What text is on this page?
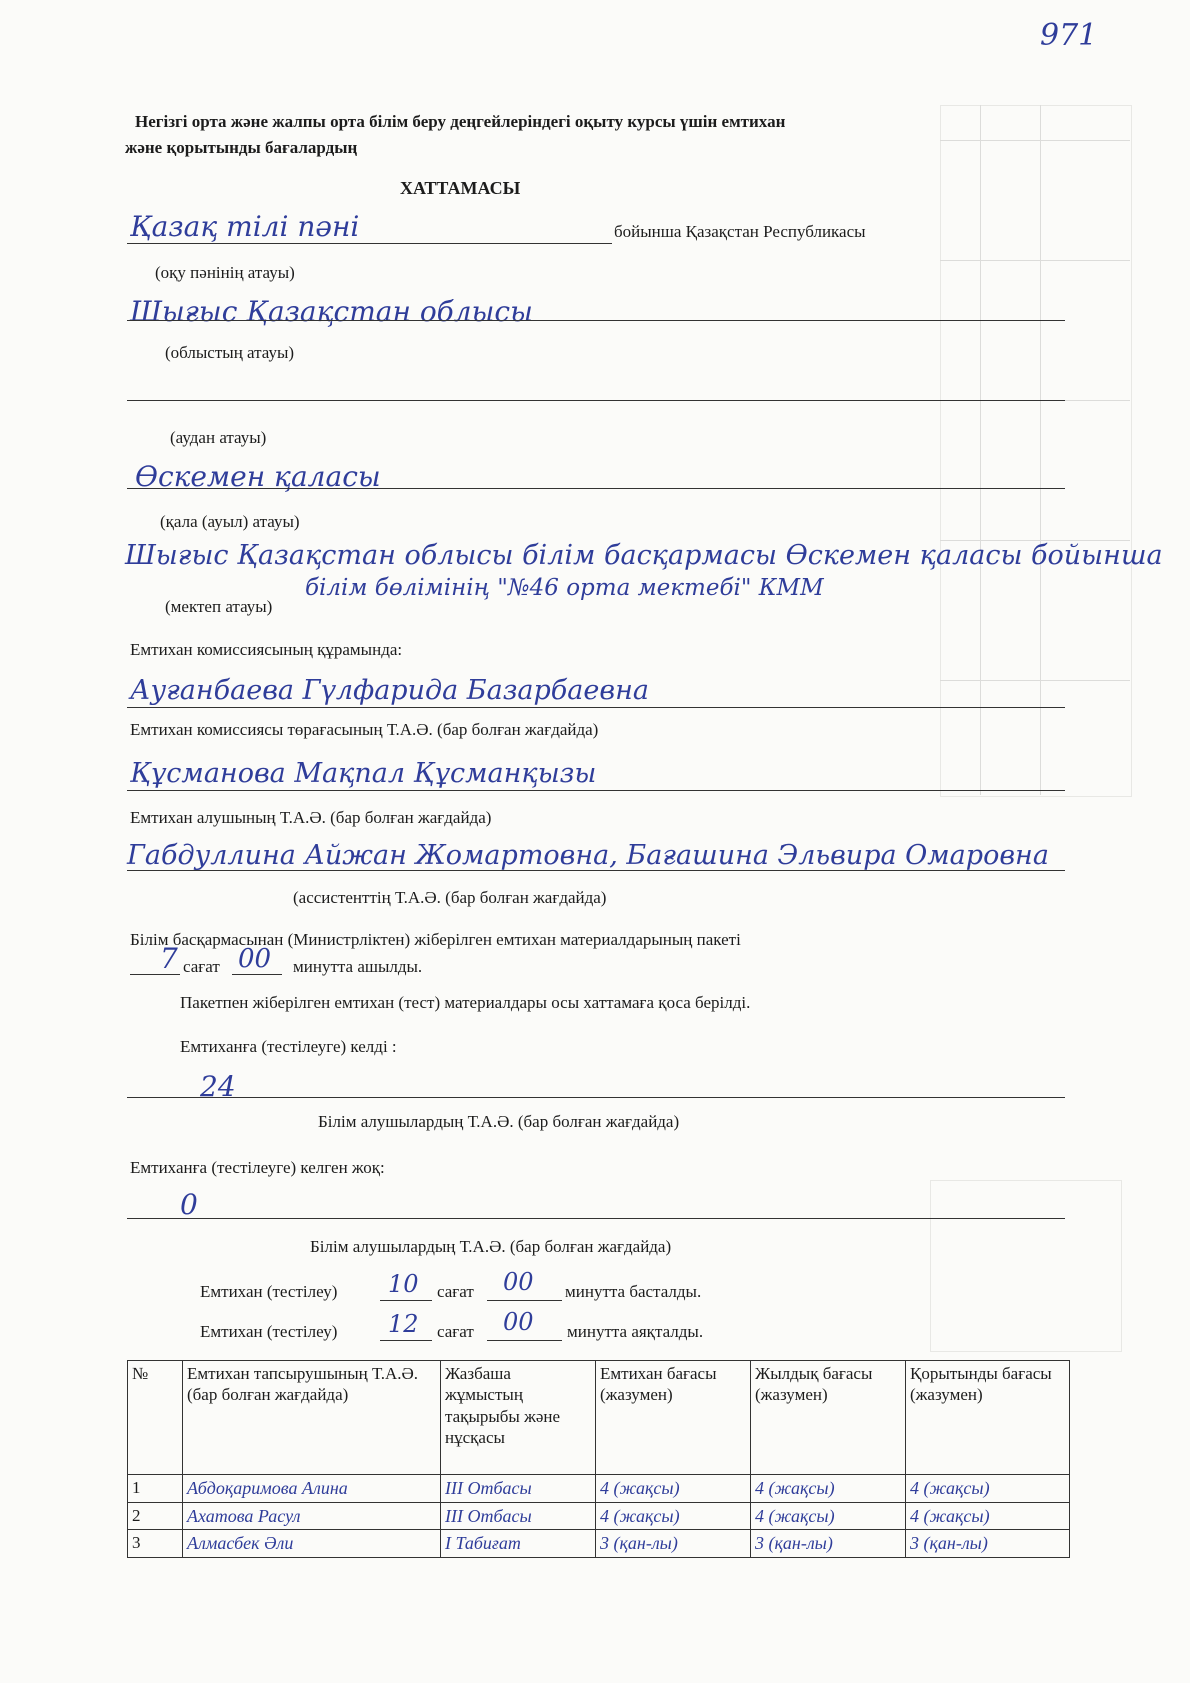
971
Негізгі орта және жалпы орта білім беру деңгейлеріндегі оқыту курсы үшін емтихан
және қорытынды бағалардың
ХАТТАМАСЫ
Қазақ тілі пәні	бойынша Қазақстан Республикасы
(оқу пәнінің атауы)
Шығыс Қазақстан облысы
(облыстың атауы)
(аудан атауы)
Өскемен қаласы
(қала (ауыл) атауы)
Шығыс Қазақстан облысы білім басқармасы Өскемен қаласы бойынша
білім бөлімінің "№46 орта мектебі" КММ
(мектеп атауы)
Емтихан комиссиясының құрамында:
Ауғанбаева Гүлфарида Базарбаевна
Емтихан комиссиясы төрағасының Т.А.Ә. (бар болған жағдайда)
Құсманова Мақпал Құсманқызы
Емтихан алушының Т.А.Ә. (бар болған жағдайда)
Габдуллина Айжан Жомартовна, Бағашина Эльвира Омаровна
(ассистенттің Т.А.Ә. (бар болған жағдайда)
Білім басқармасынан (Министрліктен) жіберілген емтихан материалдарының пакеті
7 сағат 00 минутта ашылды.
Пакетпен жіберілген емтихан (тест) материалдары осы хаттамаға қоса берілді.
Емтиханға (тестілеуге) келді :
24
Білім алушылардың Т.А.Ә. (бар болған жағдайда)
Емтиханға (тестілеуге) келген жоқ:
0
Білім алушылардың Т.А.Ә. (бар болған жағдайда)
Емтихан (тестілеу) 10 сағат 00 минутта басталды.
Емтихан (тестілеу) 12 сағат 00 минутта аяқталды.
№	Емтихан тапсырушының Т.А.Ә. (бар болған жағдайда)	Жазбаша жұмыстың тақырыбы және нұсқасы	Емтихан бағасы (жазумен)	Жылдық бағасы (жазумен)	Қорытынды бағасы (жазумен)
1	Абдоқаримова Алина	III Отбасы	4 (жақсы)	4 (жақсы)	4 (жақсы)
2	Ахатова Расул	III Отбасы	4 (жақсы)	4 (жақсы)	4 (жақсы)
3	Алмасбек Әли	I Табиғат	3 (қан-лы)	3 (қан-лы)	3 (қан-лы)
